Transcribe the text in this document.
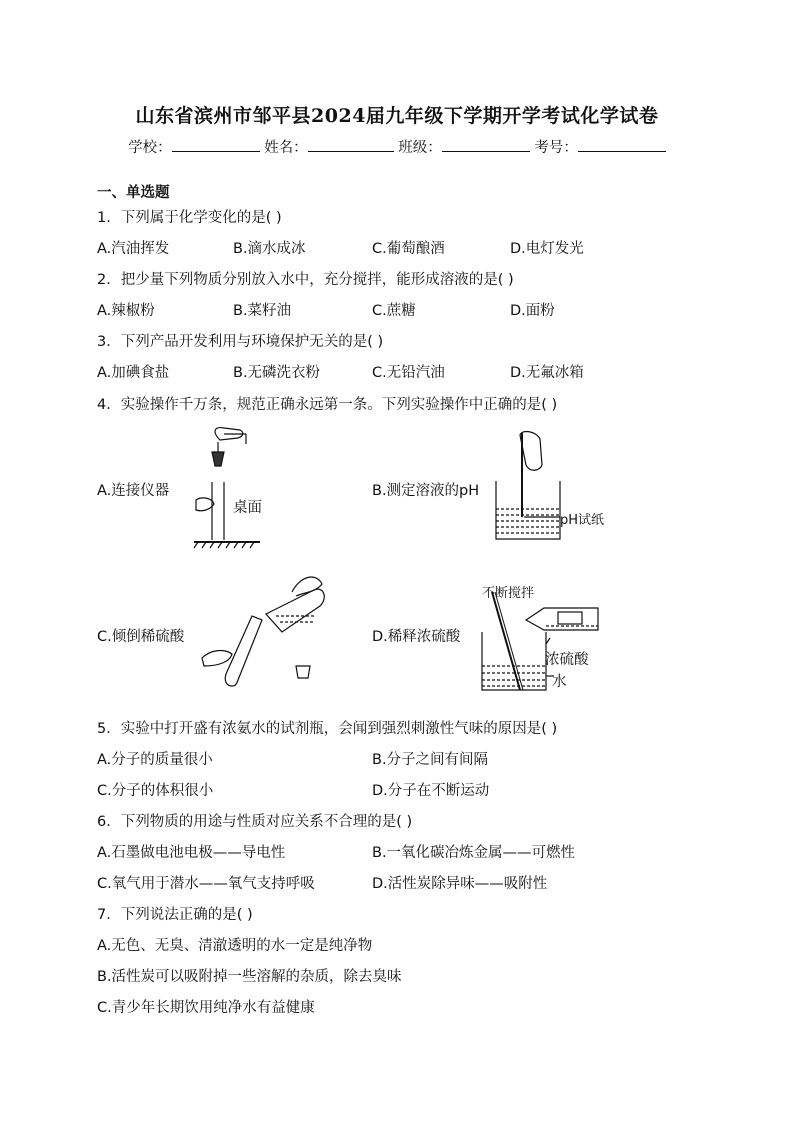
山东省滨州市邹平县2024届九年级下学期开学考试化学试卷
学校：	姓名：	班级：	考号：
一、单选题
1．下列属于化学变化的是( )
A.汽油挥发	B.滴水成冰	C.葡萄酿酒	D.电灯发光
2．把少量下列物质分别放入水中，充分搅拌，能形成溶液的是( )
A.辣椒粉	B.菜籽油	C.蔗糖	D.面粉
3．下列产品开发利用与环境保护无关的是( )
A.加碘食盐	B.无磷洗衣粉	C.无铅汽油	D.无氟冰箱
4．实验操作千万条，规范正确永远第一条。下列实验操作中正确的是( )
A.连接仪器	B.测定溶液的pH
C.倾倒稀硫酸	D.稀释浓硫酸
桌面
pH试纸
不断搅拌
浓硫酸
水
5．实验中打开盛有浓氨水的试剂瓶，会闻到强烈刺激性气味的原因是( )
A.分子的质量很小	B.分子之间有间隔
C.分子的体积很小	D.分子在不断运动
6．下列物质的用途与性质对应关系不合理的是( )
A.石墨做电池电极——导电性	B.一氧化碳冶炼金属——可燃性
C.氧气用于潜水——氧气支持呼吸	D.活性炭除异味——吸附性
7．下列说法正确的是( )
A.无色、无臭、清澈透明的水一定是纯净物
B.活性炭可以吸附掉一些溶解的杂质，除去臭味
C.青少年长期饮用纯净水有益健康
